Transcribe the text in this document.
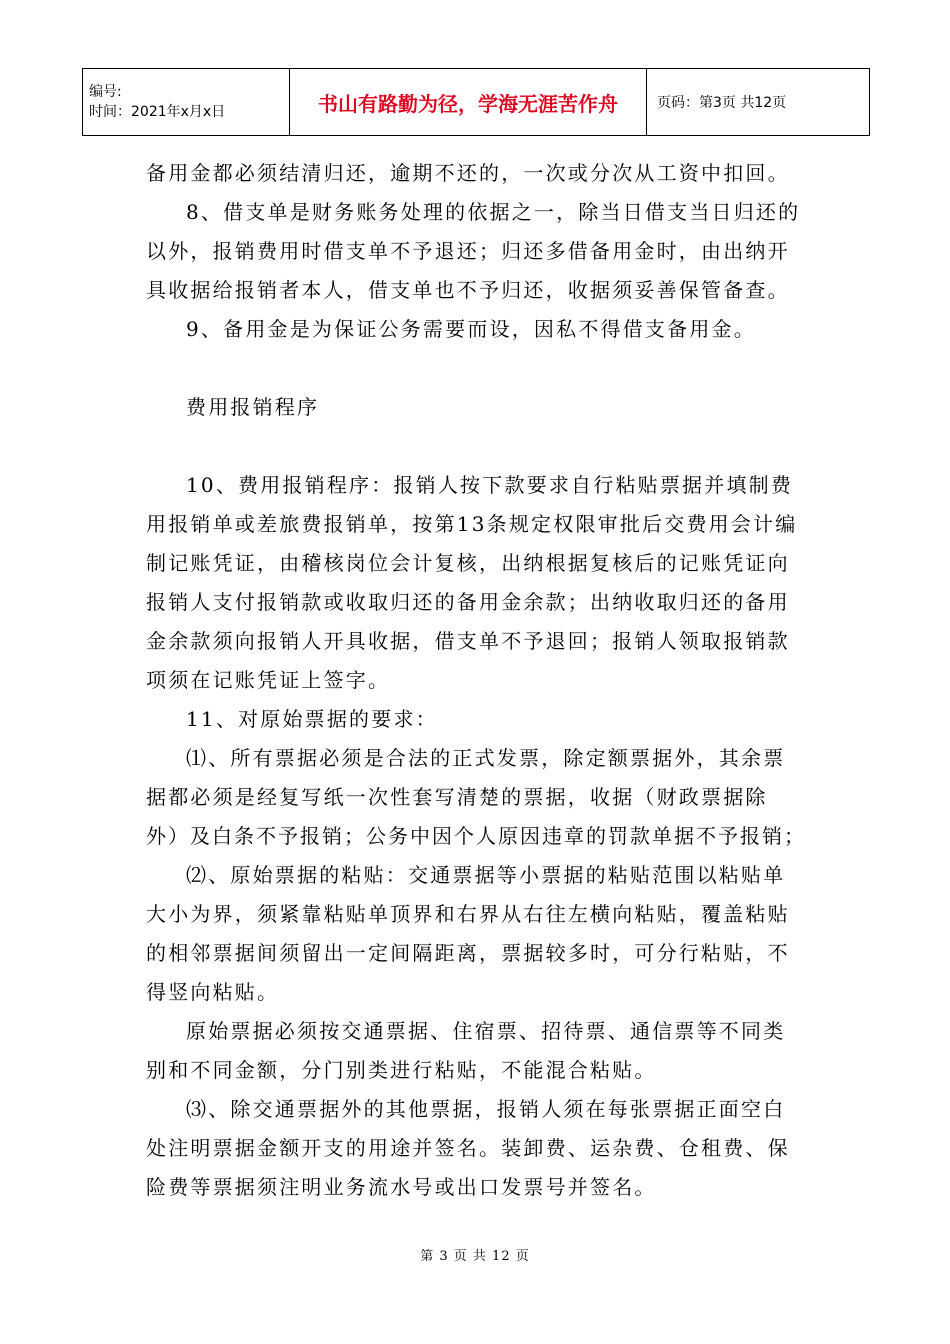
编号:
时间：2021年x月x日	书山有路勤为径，学海无涯苦作舟	页码：第3页 共12页
备用金都必须结清归还，逾期不还的，一次或分次从工资中扣回。
8、借支单是财务账务处理的依据之一，除当日借支当日归还的
以外，报销费用时借支单不予退还；归还多借备用金时，由出纳开
具收据给报销者本人，借支单也不予归还，收据须妥善保管备查。
9、备用金是为保证公务需要而设，因私不得借支备用金。
费用报销程序
10、费用报销程序：报销人按下款要求自行粘贴票据并填制费
用报销单或差旅费报销单，按第13条规定权限审批后交费用会计编
制记账凭证，由稽核岗位会计复核，出纳根据复核后的记账凭证向
报销人支付报销款或收取归还的备用金余款；出纳收取归还的备用
金余款须向报销人开具收据，借支单不予退回；报销人领取报销款
项须在记账凭证上签字。
11、对原始票据的要求：
⑴、所有票据必须是合法的正式发票，除定额票据外，其余票
据都必须是经复写纸一次性套写清楚的票据，收据（财政票据除
外）及白条不予报销；公务中因个人原因违章的罚款单据不予报销；
⑵、原始票据的粘贴：交通票据等小票据的粘贴范围以粘贴单
大小为界，须紧靠粘贴单顶界和右界从右往左横向粘贴，覆盖粘贴
的相邻票据间须留出一定间隔距离，票据较多时，可分行粘贴，不
得竖向粘贴。
原始票据必须按交通票据、住宿票、招待票、通信票等不同类
别和不同金额，分门别类进行粘贴，不能混合粘贴。
⑶、除交通票据外的其他票据，报销人须在每张票据正面空白
处注明票据金额开支的用途并签名。装卸费、运杂费、仓租费、保
险费等票据须注明业务流水号或出口发票号并签名。
第 3 页 共 12 页
